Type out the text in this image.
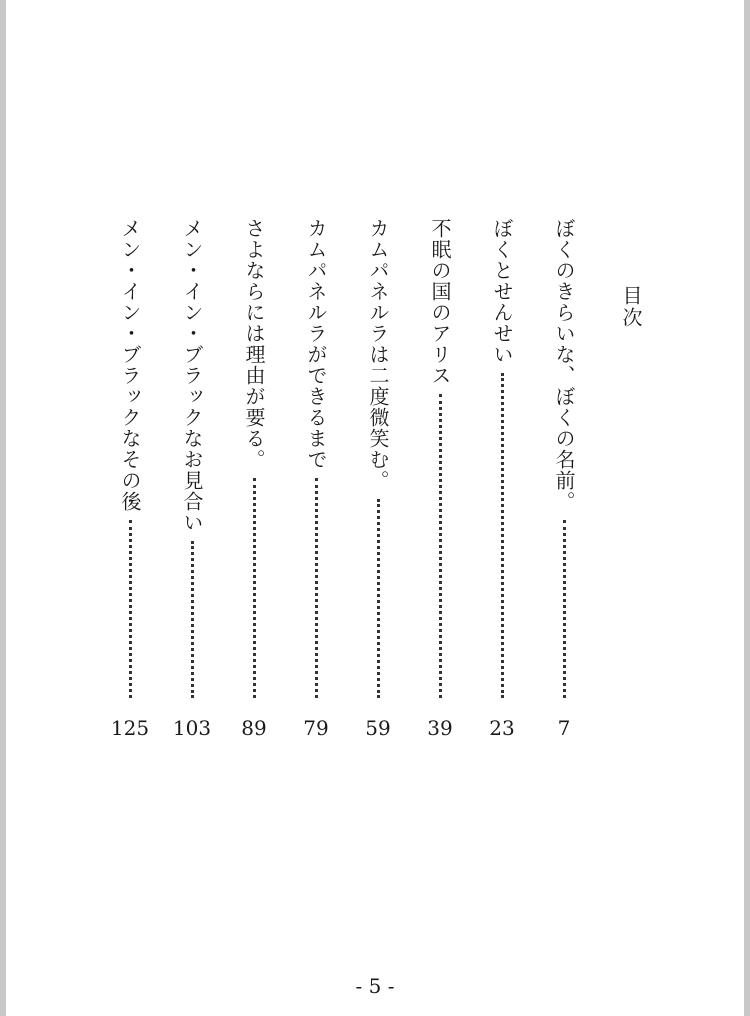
目次
ぼくのきらいな、ぼくの名前。
7
ぼくとせんせい
23
不眠の国のアリス
39
カムパネルラは二度微笑む。
59
カムパネルラができるまで
79
さよならには理由が要る。
89
メン・イン・ブラックなお見合い
103
メン・イン・ブラックなその後
125
- 5 -
